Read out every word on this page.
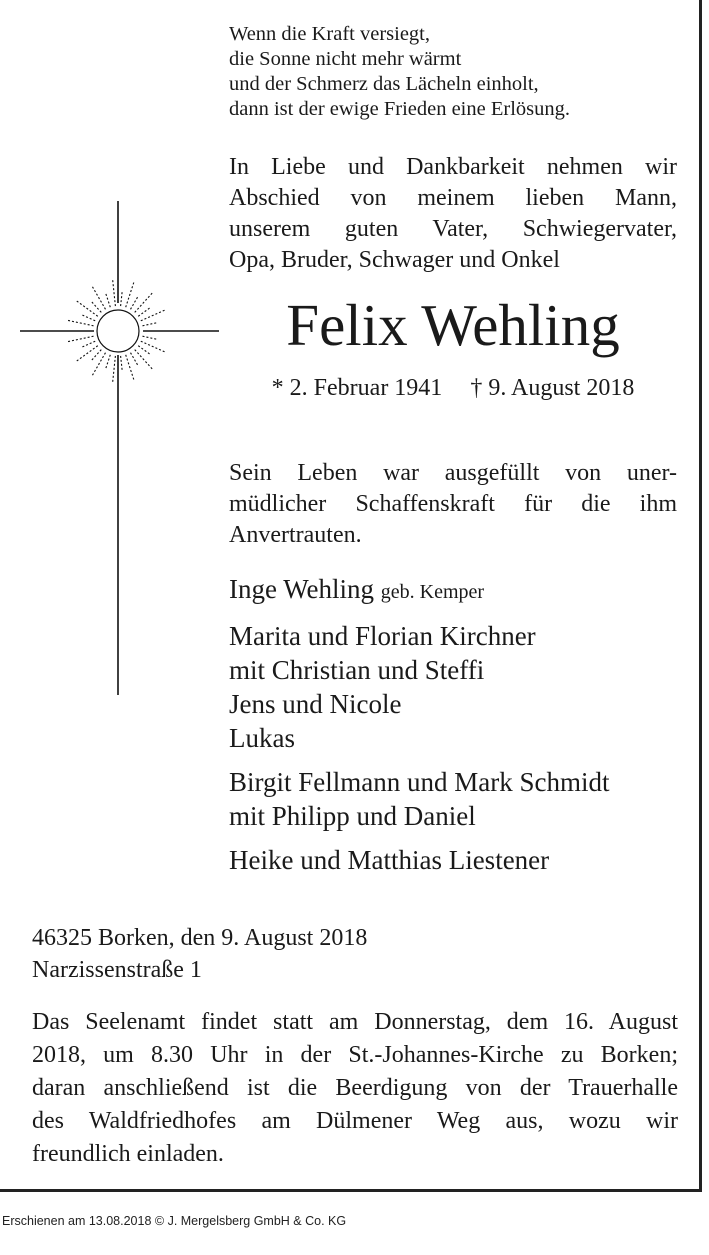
Wenn die Kraft versiegt,
die Sonne nicht mehr wärmt
und der Schmerz das Lächeln einholt,
dann ist der ewige Frieden eine Erlösung.
In Liebe und Dankbarkeit nehmen wir
Abschied von meinem lieben Mann,
unserem guten Vater, Schwiegervater,
Opa, Bruder, Schwager und Onkel
Felix Wehling
* 2. Februar 1941 † 9. August 2018
Sein Leben war ausgefüllt von uner-
müdlicher Schaffenskraft für die ihm
Anvertrauten.
Inge Wehling geb. Kemper
Marita und Florian Kirchner
mit Christian und Steffi
Jens und Nicole
Lukas
Birgit Fellmann und Mark Schmidt
mit Philipp und Daniel
Heike und Matthias Liestener
46325 Borken, den 9. August 2018
Narzissenstraße 1
Das Seelenamt findet statt am Donnerstag, dem 16. August
2018, um 8.30 Uhr in der St.-Johannes-Kirche zu Borken;
daran anschließend ist die Beerdigung von der Trauerhalle
des Waldfriedhofes am Dülmener Weg aus, wozu wir
freundlich einladen.
Erschienen am 13.08.2018 © J. Mergelsberg GmbH & Co. KG
